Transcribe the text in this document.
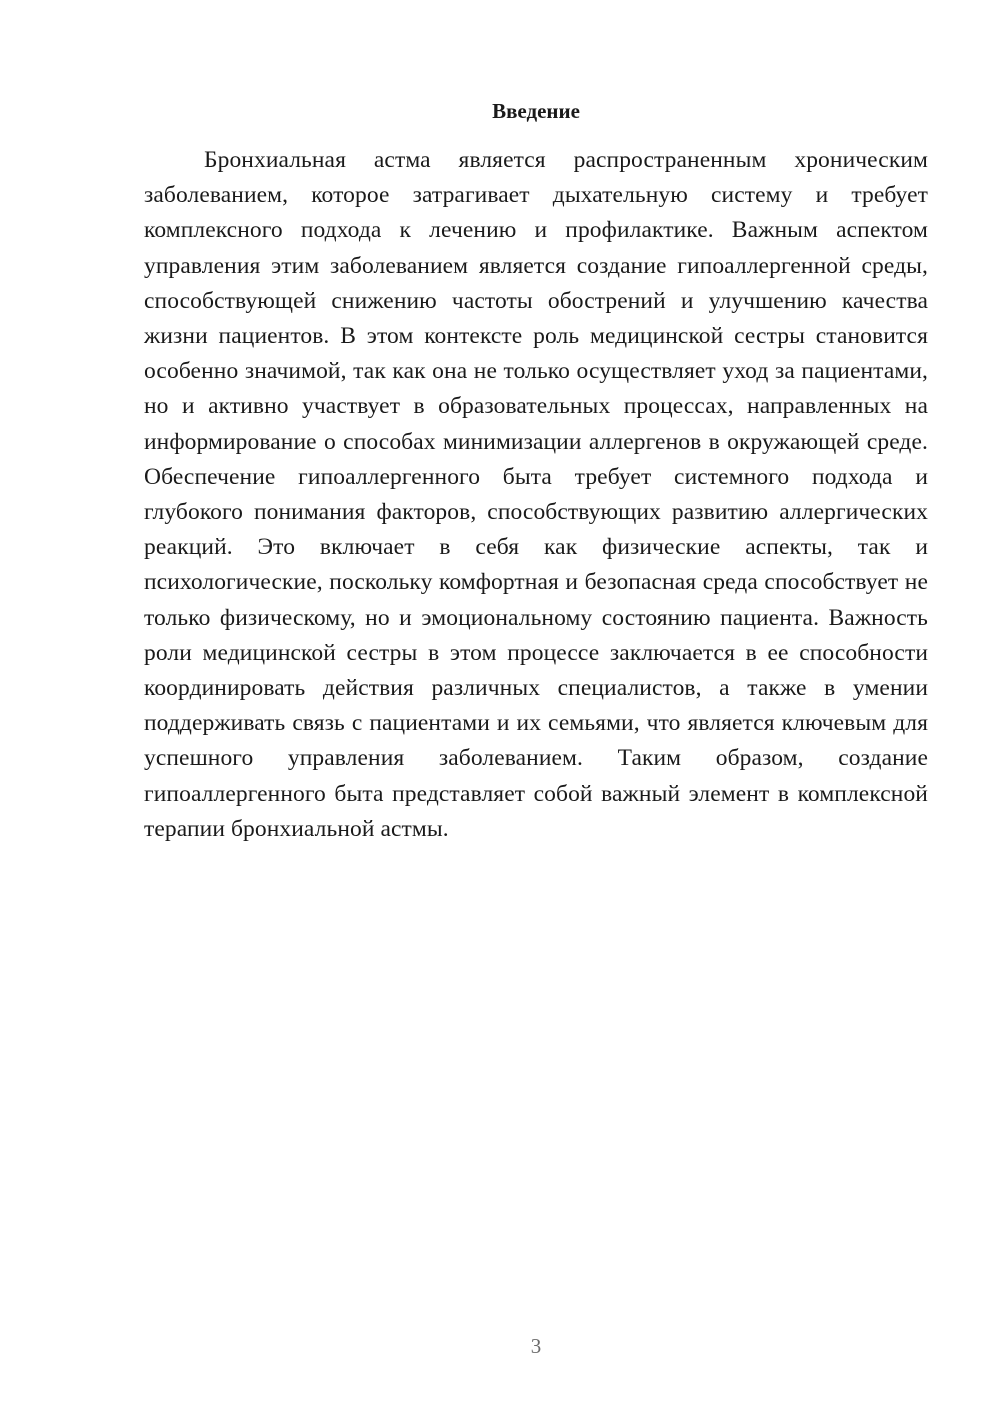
Введение

Бронхиальная астма является распространенным хроническим заболеванием, которое затрагивает дыхательную систему и требует комплексного подхода к лечению и профилактике. Важным аспектом управления этим заболеванием является создание гипоаллергенной среды, способствующей снижению частоты обострений и улучшению качества жизни пациентов. В этом контексте роль медицинской сестры становится особенно значимой, так как она не только осуществляет уход за пациентами, но и активно участвует в образовательных процессах, направленных на информирование о способах минимизации аллергенов в окружающей среде. Обеспечение гипоаллергенного быта требует системного подхода и глубокого понимания факторов, способствующих развитию аллергических реакций. Это включает в себя как физические аспекты, так и психологические, поскольку комфортная и безопасная среда способствует не только физическому, но и эмоциональному состоянию пациента. Важность роли медицинской сестры в этом процессе заключается в ее способности координировать действия различных специалистов, а также в умении поддерживать связь с пациентами и их семьями, что является ключевым для успешного управления заболеванием. Таким образом, создание гипоаллергенного быта представляет собой важный элемент в комплексной терапии бронхиальной астмы.

3
